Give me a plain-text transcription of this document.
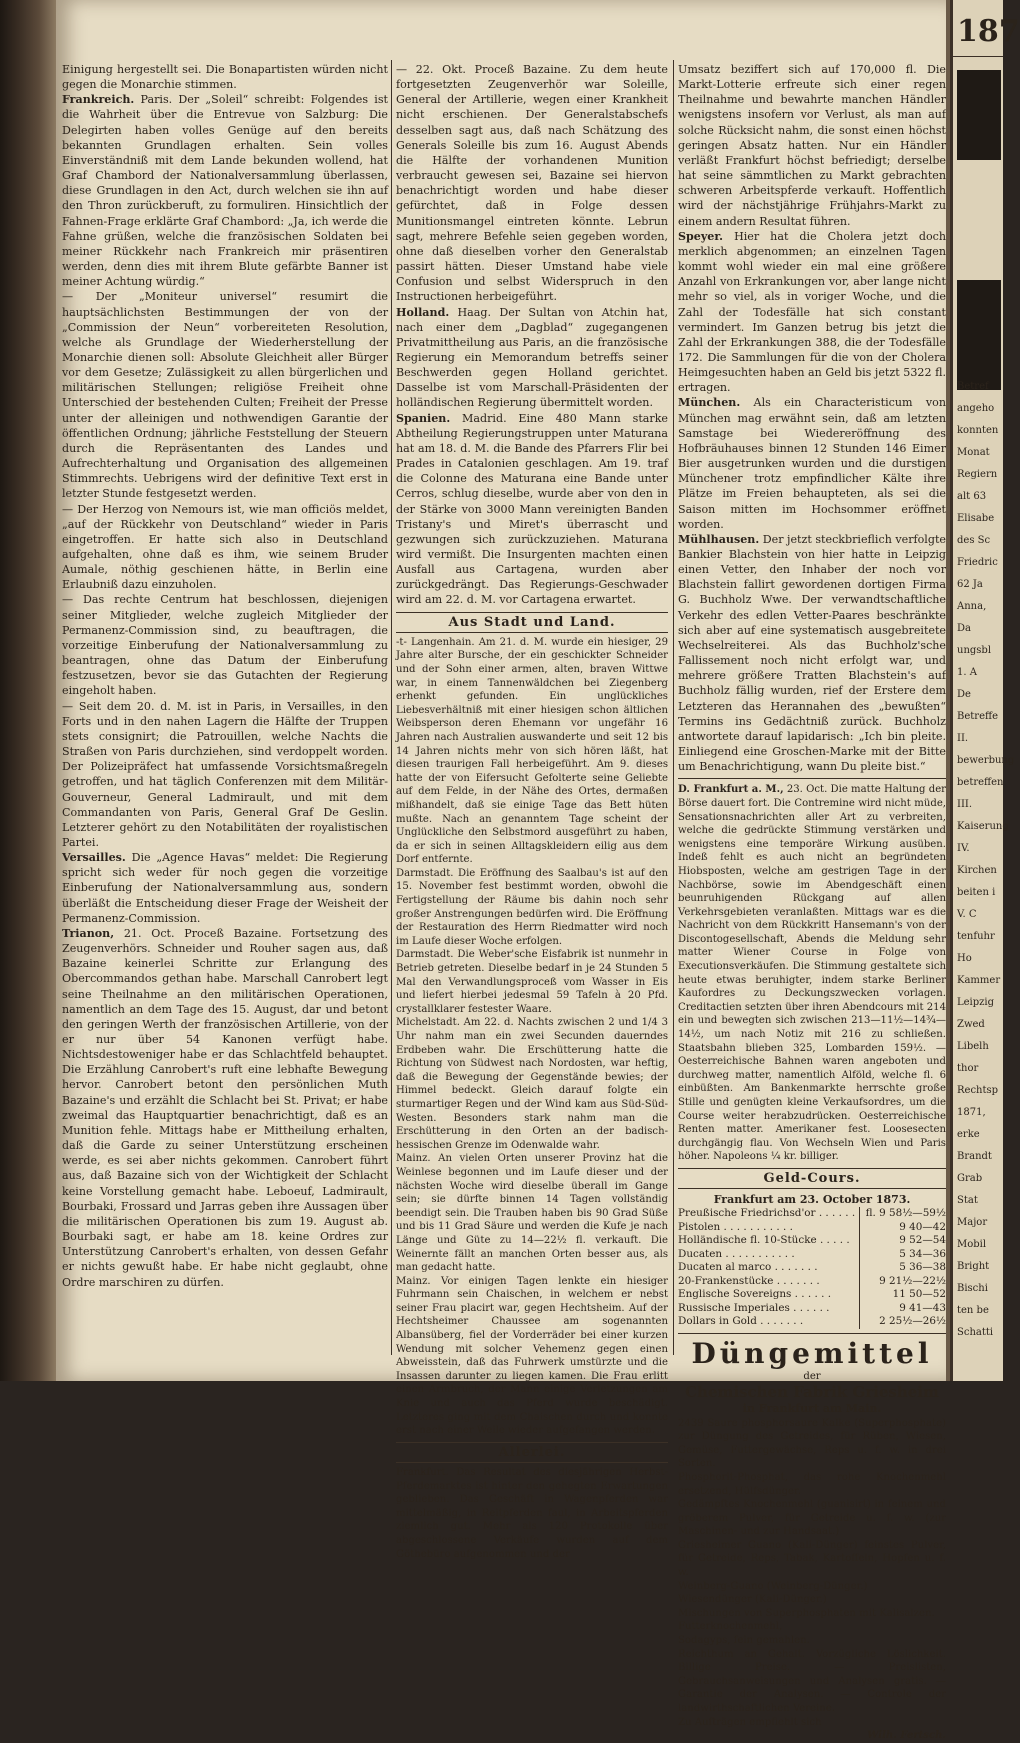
Einigung hergestellt sei. Die Bonapartisten würden nicht gegen die Monarchie stimmen.

Frankreich. Paris. Der „Soleil“ schreibt: Folgendes ist die Wahrheit über die Entrevue von Salzburg: Die Delegirten haben volles Genüge auf den bereits bekannten Grundlagen erhalten. Sein volles Einverständniß mit dem Lande bekunden wollend, hat Graf Chambord der Nationalversammlung überlassen, diese Grundlagen in den Act, durch welchen sie ihn auf den Thron zurückberuft, zu formuliren. Hinsichtlich der Fahnen-Frage erklärte Graf Chambord: „Ja, ich werde die Fahne grüßen, welche die französischen Soldaten bei meiner Rückkehr nach Frankreich mir präsentiren werden, denn dies mit ihrem Blute gefärbte Banner ist meiner Achtung würdig.“

— Der „Moniteur universel“ resumirt die hauptsächlichsten Bestimmungen der von der „Commission der Neun“ vorbereiteten Resolution, welche als Grundlage der Wiederherstellung der Monarchie dienen soll: Absolute Gleichheit aller Bürger vor dem Gesetze; Zulässigkeit zu allen bürgerlichen und militärischen Stellungen; religiöse Freiheit ohne Unterschied der bestehenden Culten; Freiheit der Presse unter der alleinigen und nothwendigen Garantie der öffentlichen Ordnung; jährliche Feststellung der Steuern durch die Repräsentanten des Landes und Aufrechterhaltung und Organisation des allgemeinen Stimmrechts. Uebrigens wird der definitive Text erst in letzter Stunde festgesetzt werden.

— Der Herzog von Nemours ist, wie man officiös meldet, „auf der Rückkehr von Deutschland“ wieder in Paris eingetroffen. Er hatte sich also in Deutschland aufgehalten, ohne daß es ihm, wie seinem Bruder Aumale, nöthig geschienen hätte, in Berlin eine Erlaubniß dazu einzuholen.

— Das rechte Centrum hat beschlossen, diejenigen seiner Mitglieder, welche zugleich Mitglieder der Permanenz-Commission sind, zu beauftragen, die vorzeitige Einberufung der Nationalversammlung zu beantragen, ohne das Datum der Einberufung festzusetzen, bevor sie das Gutachten der Regierung eingeholt haben.

— Seit dem 20. d. M. ist in Paris, in Versailles, in den Forts und in den nahen Lagern die Hälfte der Truppen stets consignirt; die Patrouillen, welche Nachts die Straßen von Paris durchziehen, sind verdoppelt worden. Der Polizeipräfect hat umfassende Vorsichtsmaßregeln getroffen, und hat täglich Conferenzen mit dem Militär-Gouverneur, General Ladmirault, und mit dem Commandanten von Paris, General Graf De Geslin. Letzterer gehört zu den Notabilitäten der royalistischen Partei.

Versailles. Die „Agence Havas“ meldet: Die Regierung spricht sich weder für noch gegen die vorzeitige Einberufung der Nationalversammlung aus, sondern überläßt die Entscheidung dieser Frage der Weisheit der Permanenz-Commission.

Trianon, 21. Oct. Proceß Bazaine. Fortsetzung des Zeugenverhörs. Schneider und Rouher sagen aus, daß Bazaine keinerlei Schritte zur Erlangung des Obercommandos gethan habe. Marschall Canrobert legt seine Theilnahme an den militärischen Operationen, namentlich an dem Tage des 15. August, dar und betont den geringen Werth der französischen Artillerie, von der er nur über 54 Kanonen verfügt habe. Nichtsdestoweniger habe er das Schlachtfeld behauptet. Die Erzählung Canrobert's ruft eine lebhafte Bewegung hervor. Canrobert betont den persönlichen Muth Bazaine's und erzählt die Schlacht bei St. Privat; er habe zweimal das Hauptquartier benachrichtigt, daß es an Munition fehle. Mittags habe er Mittheilung erhalten, daß die Garde zu seiner Unterstützung erscheinen werde, es sei aber nichts gekommen. Canrobert führt aus, daß Bazaine sich von der Wichtigkeit der Schlacht keine Vorstellung gemacht habe. Leboeuf, Ladmirault, Bourbaki, Frossard und Jarras geben ihre Aussagen über die militärischen Operationen bis zum 19. August ab. Bourbaki sagt, er habe am 18. keine Ordres zur Unterstützung Canrobert's erhalten, von dessen Gefahr er nichts gewußt habe. Er habe nicht geglaubt, ohne Ordre marschiren zu dürfen.

— 22. Okt. Proceß Bazaine. Zu dem heute fortgesetzten Zeugenverhör war Soleille, General der Artillerie, wegen einer Krankheit nicht erschienen. Der Generalstabschefs desselben sagt aus, daß nach Schätzung des Generals Soleille bis zum 16. August Abends die Hälfte der vorhandenen Munition verbraucht gewesen sei, Bazaine sei hiervon benachrichtigt worden und habe dieser gefürchtet, daß in Folge dessen Munitionsmangel eintreten könnte. Lebrun sagt, mehrere Befehle seien gegeben worden, ohne daß dieselben vorher den Generalstab passirt hätten. Dieser Umstand habe viele Confusion und selbst Widerspruch in den Instructionen herbeigeführt.

Holland. Haag. Der Sultan von Atchin hat, nach einer dem „Dagblad“ zugegangenen Privatmittheilung aus Paris, an die französische Regierung ein Memorandum betreffs seiner Beschwerden gegen Holland gerichtet. Dasselbe ist vom Marschall-Präsidenten der holländischen Regierung übermittelt worden.

Spanien. Madrid. Eine 480 Mann starke Abtheilung Regierungstruppen unter Maturana hat am 18. d. M. die Bande des Pfarrers Flir bei Prades in Catalonien geschlagen. Am 19. traf die Colonne des Maturana eine Bande unter Cerros, schlug dieselbe, wurde aber von den in der Stärke von 3000 Mann vereinigten Banden Tristany's und Miret's überrascht und gezwungen sich zurückzuziehen. Maturana wird vermißt. Die Insurgenten machten einen Ausfall aus Cartagena, wurden aber zurückgedrängt. Das Regierungs-Geschwader wird am 22. d. M. vor Cartagena erwartet.

Aus Stadt und Land.

-t- Langenhain. Am 21. d. M. wurde ein hiesiger, 29 Jahre alter Bursche, der ein geschickter Schneider und der Sohn einer armen, alten, braven Wittwe war, in einem Tannenwäldchen bei Ziegenberg erhenkt gefunden. Ein unglückliches Liebesverhältniß mit einer hiesigen schon ältlichen Weibsperson deren Ehemann vor ungefähr 16 Jahren nach Australien auswanderte und seit 12 bis 14 Jahren nichts mehr von sich hören läßt, hat diesen traurigen Fall herbeigeführt. Am 9. dieses hatte der von Eifersucht Gefolterte seine Geliebte auf dem Felde, in der Nähe des Ortes, dermaßen mißhandelt, daß sie einige Tage das Bett hüten mußte. Nach an genanntem Tage scheint der Unglückliche den Selbstmord ausgeführt zu haben, da er sich in seinen Alltagskleidern eilig aus dem Dorf entfernte.

Darmstadt. Die Eröffnung des Saalbau's ist auf den 15. November fest bestimmt worden, obwohl die Fertigstellung der Räume bis dahin noch sehr großer Anstrengungen bedürfen wird. Die Eröffnung der Restauration des Herrn Riedmatter wird noch im Laufe dieser Woche erfolgen.

Darmstadt. Die Weber'sche Eisfabrik ist nunmehr in Betrieb getreten. Dieselbe bedarf in je 24 Stunden 5 Mal den Verwandlungsproceß vom Wasser in Eis und liefert hierbei jedesmal 59 Tafeln à 20 Pfd. crystallklarer festester Waare.

Michelstadt. Am 22. d. Nachts zwischen 2 und 1/4 3 Uhr nahm man ein zwei Secunden dauerndes Erdbeben wahr. Die Erschütterung hatte die Richtung von Südwest nach Nordosten, war heftig, daß die Bewegung der Gegenstände bewies; der Himmel bedeckt. Gleich darauf folgte ein sturmartiger Regen und der Wind kam aus Süd-Süd-Westen. Besonders stark nahm man die Erschütterung in den Orten an der badisch-hessischen Grenze im Odenwalde wahr.

Mainz. An vielen Orten unserer Provinz hat die Weinlese begonnen und im Laufe dieser und der nächsten Woche wird dieselbe überall im Gange sein; sie dürfte binnen 14 Tagen vollständig beendigt sein. Die Trauben haben bis 90 Grad Süße und bis 11 Grad Säure und werden die Kufe je nach Länge und Güte zu 14—22½ fl. verkauft. Die Weinernte fällt an manchen Orten besser aus, als man gedacht hatte.

Mainz. Vor einigen Tagen lenkte ein hiesiger Fuhrmann sein Chaischen, in welchem er nebst seiner Frau placirt war, gegen Hechtsheim. Auf der Hechtsheimer Chaussee am sogenannten Albansüberg, fiel der Vorderräder bei einer kurzen Wendung mit solcher Vehemenz gegen einen Abweisstein, daß das Fuhrwerk umstürzte und die Insassen darunter zu liegen kamen. Die Frau erlitt einen Armbruch, der Mann einige Verletzungen am Knie und auch das Pferd wurde beschädigt. Letzteres ging mit dem Chaischen durch und konnte erst nach einer Weile wieder aufgefangen werden.

Allerlei.

Frankfurt. Das Resultat des diesjährigen Herbst-Pferdemarktes ist hinter den gehegten Erwartungen geblieben. Das Geschäft in Wagenpferden war mittelmäßig, in Reitpferden faul, in Arbeitspferden ziemlich gut. Mehr als 120 Protokolle über abgeschlossene Verkäufe wurden auf dem Göthebüro aufgenommen und der

Umsatz beziffert sich auf 170,000 fl. Die Markt-Lotterie erfreute sich einer regen Theilnahme und bewahrte manchen Händler wenigstens insofern vor Verlust, als man auf solche Rücksicht nahm, die sonst einen höchst geringen Absatz hatten. Nur ein Händler verläßt Frankfurt höchst befriedigt; derselbe hat seine sämmtlichen zu Markt gebrachten schweren Arbeitspferde verkauft. Hoffentlich wird der nächstjährige Frühjahrs-Markt zu einem andern Resultat führen.

Speyer. Hier hat die Cholera jetzt doch merklich abgenommen; an einzelnen Tagen kommt wohl wieder ein mal eine größere Anzahl von Erkrankungen vor, aber lange nicht mehr so viel, als in voriger Woche, und die Zahl der Todesfälle hat sich constant vermindert. Im Ganzen betrug bis jetzt die Zahl der Erkrankungen 388, die der Todesfälle 172. Die Sammlungen für die von der Cholera Heimgesuchten haben an Geld bis jetzt 5322 fl. ertragen.

München. Als ein Characteristicum von München mag erwähnt sein, daß am letzten Samstage bei Wiedereröffnung des Hofbräuhauses binnen 12 Stunden 146 Eimer Bier ausgetrunken wurden und die durstigen Münchener trotz empfindlicher Kälte ihre Plätze im Freien behaupteten, als sei die Saison mitten im Hochsommer eröffnet worden.

Mühlhausen. Der jetzt steckbrieflich verfolgte Bankier Blachstein von hier hatte in Leipzig einen Vetter, den Inhaber der noch vor Blachstein fallirt gewordenen dortigen Firma G. Buchholz Wwe. Der verwandtschaftliche Verkehr des edlen Vetter-Paares beschränkte sich aber auf eine systematisch ausgebreitete Wechselreiterei. Als das Buchholz'sche Fallissement noch nicht erfolgt war, und mehrere größere Tratten Blachstein's auf Buchholz fällig wurden, rief der Erstere dem Letzteren das Herannahen des „bewußten“ Termins ins Gedächtniß zurück. Buchholz antwortete darauf lapidarisch: „Ich bin pleite. Einliegend eine Groschen-Marke mit der Bitte um Benachrichtigung, wann Du pleite bist.“

D. Frankfurt a. M., 23. Oct. Die matte Haltung der Börse dauert fort. Die Contremine wird nicht müde, Sensationsnachrichten aller Art zu verbreiten, welche die gedrückte Stimmung verstärken und wenigstens eine temporäre Wirkung ausüben. Indeß fehlt es auch nicht an begründeten Hiobsposten, welche am gestrigen Tage in der Nachbörse, sowie im Abendgeschäft einen beunruhigenden Rückgang auf allen Verkehrsgebieten veranlaßten. Mittags war es die Nachricht von dem Rückkritt Hansemann's von der Discontogesellschaft, Abends die Meldung sehr matter Wiener Course in Folge von Executionsverkäufen. Die Stimmung gestaltete sich heute etwas beruhigter, indem starke Berliner Kaufordres zu Deckungszwecken vorlagen. Creditactien setzten über ihren Abendcours mit 214 ein und bewegten sich zwischen 213—11½—14¾—14½, um nach Notiz mit 216 zu schließen. Staatsbahn blieben 325, Lombarden 159½. — Oesterreichische Bahnen waren angeboten und durchweg matter, namentlich Alföld, welche fl. 6 einbüßten. Am Bankenmarkte herrschte große Stille und genügten kleine Verkaufsordres, um die Course weiter herabzudrücken. Oesterreichische Renten matter. Amerikaner fest. Loosesecten durchgängig flau. Von Wechseln Wien und Paris höher. Napoleons ¼ kr. billiger.

Geld-Cours.
Frankfurt am 23. October 1873.
Preußische Friedrichsd'or . . . . . .	fl. 9 58½—59½
Pistolen . . . . . . . . . . .	9 40—42
Holländische fl. 10-Stücke . . . . .	9 52—54
Ducaten . . . . . . . . . . .	5 34—36
Ducaten al marco . . . . . . .	5 36—38
20-Frankenstücke . . . . . . .	9 21½—22½
Englische Sovereigns . . . . . .	11 50—52
Russische Imperiales . . . . . .	9 41—43
Dollars in Gold . . . . . . .	2 25½—26½
Düngemittel
der
Chemischen Fabrik Griesheim
in Frankfurt am Main.

2439 Saure phosphorsaure Kalke (Superphosphate) zur Düngung des Getreides, für Rüben, Wiesen, Gemüse, Futtergewächse, Reps u. f. w. in drei Sorten.

Phosphorit-Phosphat, das rohe Knochenmehl ersetzend, Hülfsdünger.

Gedämpftes Knochenmehl (guanisirt) in feinem und gröberem Pulver, für Getreide u. f. w. (zur Maschinen- und zur Handsaat.)

Griesheimer Guano (Kali-Dünger) feinstes Pulver, für Getreide, Reps, Tabak, Kartoffeln, Hopfen u. f. w.

Weinberg-Guano (Weinberg-Dünger.)

Wiesendünger (Kali-Dünger.)

Mischungen von Superphosphaten mit Kalisalzen.

Futterknochenmehl,

Sodagyps, fein gemahlen.

Reichthum an Gehalt. Vorzügliche Löslichkeit. Billige Preise. — Preislisten, Gebrauchsanweisungen und Analysen gratis. — Garantie der Analysen. — Controle der landwirthschaftlichen Vereine.

Zu Aufträgen empfiehlt sich

Wilh. Fertsch.

187
Betref
angeho
konnten
Monat
Regiern
alt 63
Elisabe
des Sc
Friedric
62 Ja
Anna,
Da
ungsbl
1. A
De
Betreffe
II.
bewerbung
betreffen
III.
Kaiserung
IV.
Kirchen
beiten i
V. C
tenfuhr
Ho
Kammer
Leipzig
Zwed
Libelh
thor
Rechtsp
1871,
erke
Brandt
Grab
Stat
Major
Mobil
Bright
Bischi
ten be
Schatti
